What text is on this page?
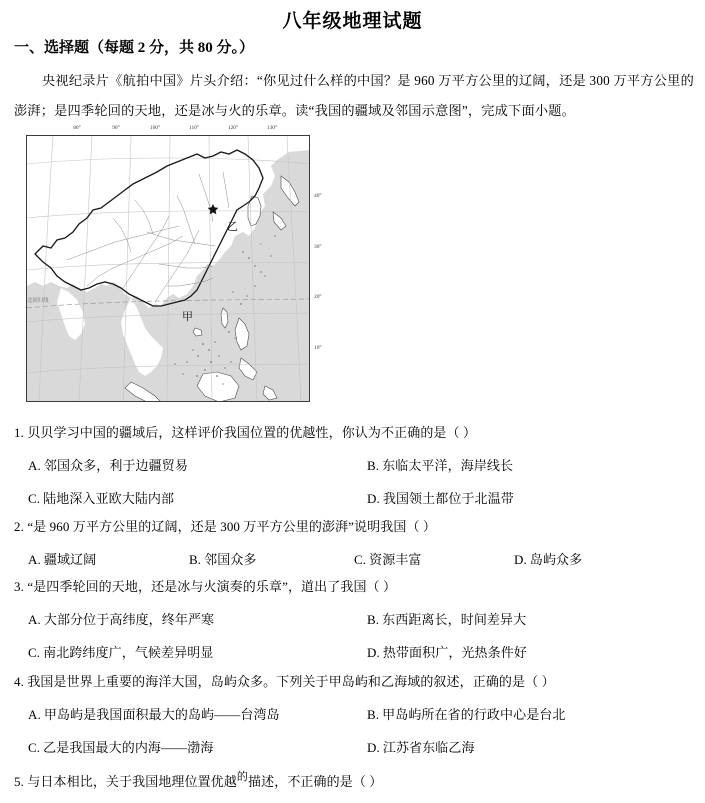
八年级地理试题
一、选择题（每题 2 分，共 80 分。）
央视纪录片《航拍中国》片头介绍：“你见过什么样的中国？是 960 万平方公里的辽阔，还是 300 万平方公里的澎湃；是四季轮回的天地，还是冰与火的乐章。读“我国的疆域及邻国示意图”，完成下面小题。
80°	90°	100°	110°	120°	130°
40°
30°
20°
10°
乙
甲
北回归线
1. 贝贝学习中国的疆域后，这样评价我国位置的优越性，你认为不正确的是（ ）
A. 邻国众多，利于边疆贸易	B. 东临太平洋，海岸线长
C. 陆地深入亚欧大陆内部	D. 我国领土都位于北温带
2. “是 960 万平方公里的辽阔，还是 300 万平方公里的澎湃”说明我国（ ）
A. 疆域辽阔	B. 邻国众多	C. 资源丰富	D. 岛屿众多
3. “是四季轮回的天地，还是冰与火演奏的乐章”，道出了我国（ ）
A. 大部分位于高纬度，终年严寒	B. 东西距离长，时间差异大
C. 南北跨纬度广，气候差异明显	D. 热带面积广，光热条件好
4. 我国是世界上重要的海洋大国，岛屿众多。下列关于甲岛屿和乙海域的叙述，正确的是（ ）
A. 甲岛屿是我国面积最大的岛屿——台湾岛	B. 甲岛屿所在省的行政中心是台北
C. 乙是我国最大的内海——渤海	D. 江苏省东临乙海
5. 与日本相比，关于我国地理位置优越$^的$描述，不正确的是（ ）
